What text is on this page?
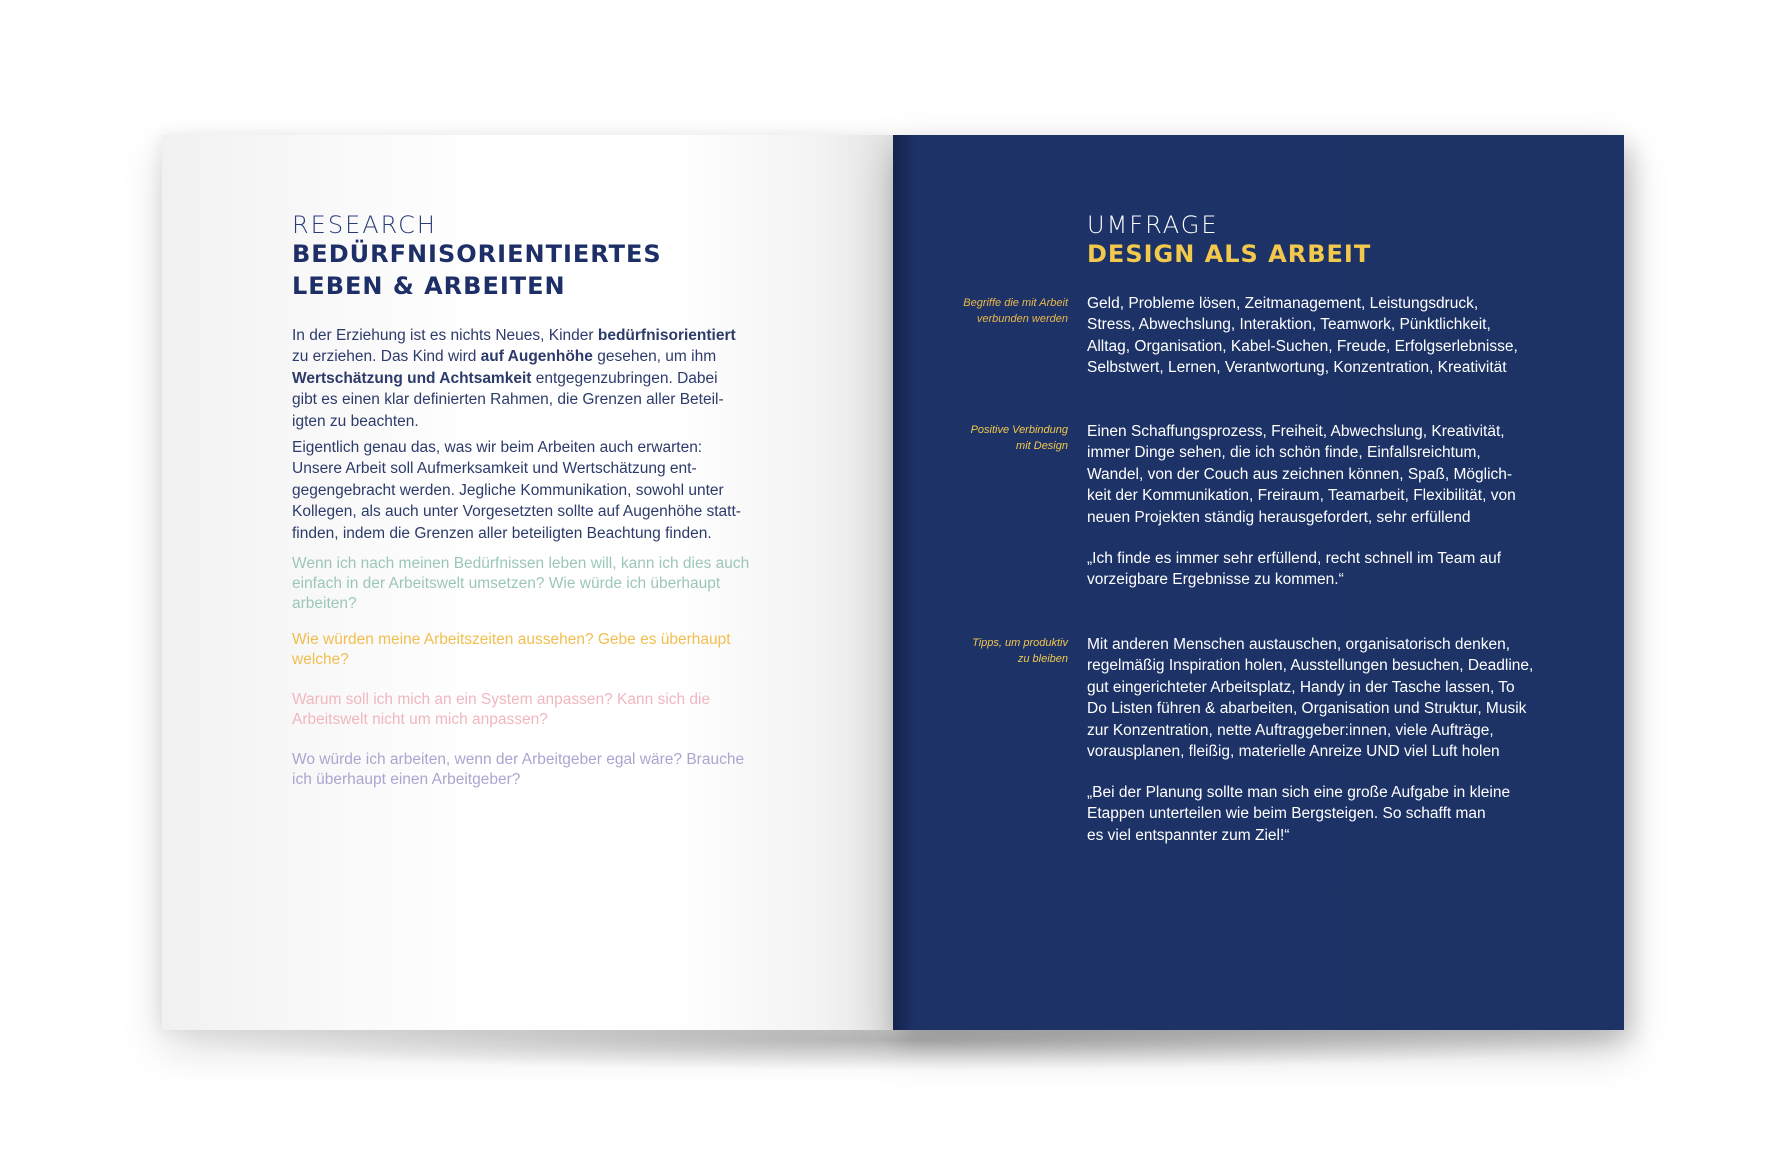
RESEARCH
BEDÜRFNISORIENTIERTES
LEBEN & ARBEITEN
In der Erziehung ist es nichts Neues, Kinder bedürfnisorientiert
zu erziehen. Das Kind wird auf Augenhöhe gesehen, um ihm
Wertschätzung und Achtsamkeit entgegenzubringen. Dabei
gibt es einen klar definierten Rahmen, die Grenzen aller Beteil-
igten zu beachten.
Eigentlich genau das, was wir beim Arbeiten auch erwarten:
Unsere Arbeit soll Aufmerksamkeit und Wertschätzung ent-
gegengebracht werden. Jegliche Kommunikation, sowohl unter
Kollegen, als auch unter Vorgesetzten sollte auf Augenhöhe statt-
finden, indem die Grenzen aller beteiligten Beachtung finden.
Wenn ich nach meinen Bedürfnissen leben will, kann ich dies auch
einfach in der Arbeitswelt umsetzen? Wie würde ich überhaupt
arbeiten?
Wie würden meine Arbeitszeiten aussehen? Gebe es überhaupt
welche?
Warum soll ich mich an ein System anpassen? Kann sich die
Arbeitswelt nicht um mich anpassen?
Wo würde ich arbeiten, wenn der Arbeitgeber egal wäre? Brauche
ich überhaupt einen Arbeitgeber?
UMFRAGE
DESIGN ALS ARBEIT
Begriffe die mit Arbeit
verbunden werden
Geld, Probleme lösen, Zeitmanagement, Leistungsdruck,
Stress, Abwechslung, Interaktion, Teamwork, Pünktlichkeit,
Alltag, Organisation, Kabel-Suchen, Freude, Erfolgserlebnisse,
Selbstwert, Lernen, Verantwortung, Konzentration, Kreativität
Positive Verbindung
mit Design
Einen Schaffungsprozess, Freiheit, Abwechslung, Kreativität,
immer Dinge sehen, die ich schön finde, Einfallsreichtum,
Wandel, von der Couch aus zeichnen können, Spaß, Möglich-
keit der Kommunikation, Freiraum, Teamarbeit, Flexibilität, von
neuen Projekten ständig herausgefordert, sehr erfüllend
„Ich finde es immer sehr erfüllend, recht schnell im Team auf
vorzeigbare Ergebnisse zu kommen.“
Tipps, um produktiv
zu bleiben
Mit anderen Menschen austauschen, organisatorisch denken,
regelmäßig Inspiration holen, Ausstellungen besuchen, Deadline,
gut eingerichteter Arbeitsplatz, Handy in der Tasche lassen, To
Do Listen führen & abarbeiten, Organisation und Struktur, Musik
zur Konzentration, nette Auftraggeber:innen, viele Aufträge,
vorausplanen, fleißig, materielle Anreize UND viel Luft holen
„Bei der Planung sollte man sich eine große Aufgabe in kleine
Etappen unterteilen wie beim Bergsteigen. So schafft man
es viel entspannter zum Ziel!“
